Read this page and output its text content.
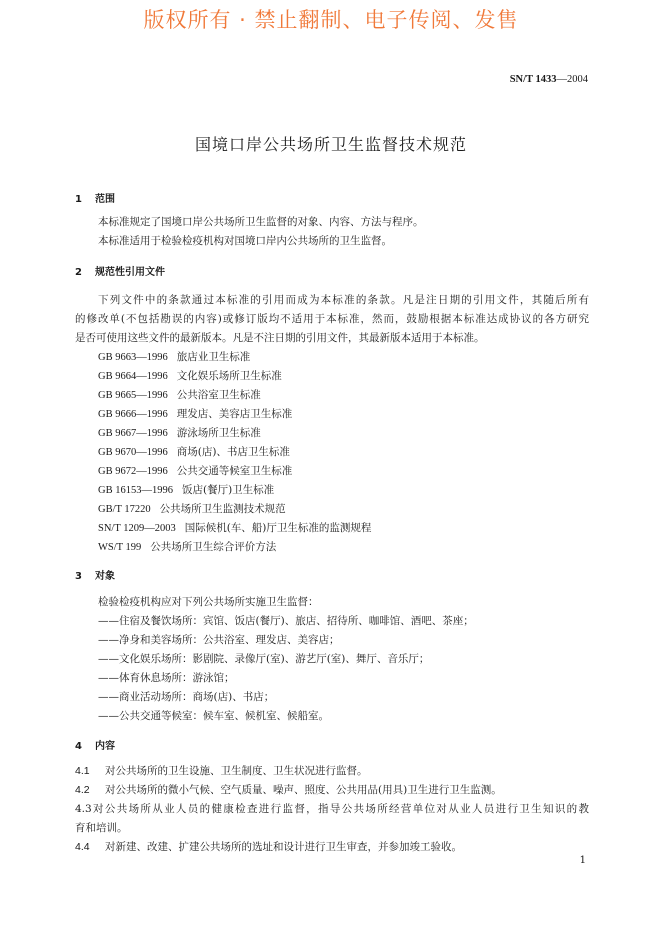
版权所有 · 禁止翻制、电子传阅、发售
SN/T 1433—2004
国境口岸公共场所卫生监督技术规范
1 范围
本标准规定了国境口岸公共场所卫生监督的对象、内容、方法与程序。
本标准适用于检验检疫机构对国境口岸内公共场所的卫生监督。
2 规范性引用文件
下列文件中的条款通过本标准的引用而成为本标准的条款。凡是注日期的引用文件，其随后所有
的修改单(不包括勘误的内容)或修订版均不适用于本标准，然而，鼓励根据本标准达成协议的各方研究
是否可使用这些文件的最新版本。凡是不注日期的引用文件，其最新版本适用于本标准。
GB 9663—1996 旅店业卫生标准
GB 9664—1996 文化娱乐场所卫生标准
GB 9665—1996 公共浴室卫生标准
GB 9666—1996 理发店、美容店卫生标准
GB 9667—1996 游泳场所卫生标准
GB 9670—1996 商场(店)、书店卫生标准
GB 9672—1996 公共交通等候室卫生标准
GB 16153—1996 饭店(餐厅)卫生标准
GB/T 17220 公共场所卫生监测技术规范
SN/T 1209—2003 国际候机(车、船)厅卫生标准的监测规程
WS/T 199 公共场所卫生综合评价方法
3 对象
检验检疫机构应对下列公共场所实施卫生监督：
——住宿及餐饮场所：宾馆、饭店(餐厅)、旅店、招待所、咖啡馆、酒吧、茶座；
——净身和美容场所：公共浴室、理发店、美容店；
——文化娱乐场所：影剧院、录像厅(室)、游艺厅(室)、舞厅、音乐厅；
——体育休息场所：游泳馆；
——商业活动场所：商场(店)、书店；
——公共交通等候室：候车室、候机室、候船室。
4 内容
4.1 对公共场所的卫生设施、卫生制度、卫生状况进行监督。
4.2 对公共场所的微小气候、空气质量、噪声、照度、公共用品(用具)卫生进行卫生监测。
4.3对公共场所从业人员的健康检查进行监督，指导公共场所经营单位对从业人员进行卫生知识的教
育和培训。
4.4 对新建、改建、扩建公共场所的选址和设计进行卫生审查，并参加竣工验收。
1
